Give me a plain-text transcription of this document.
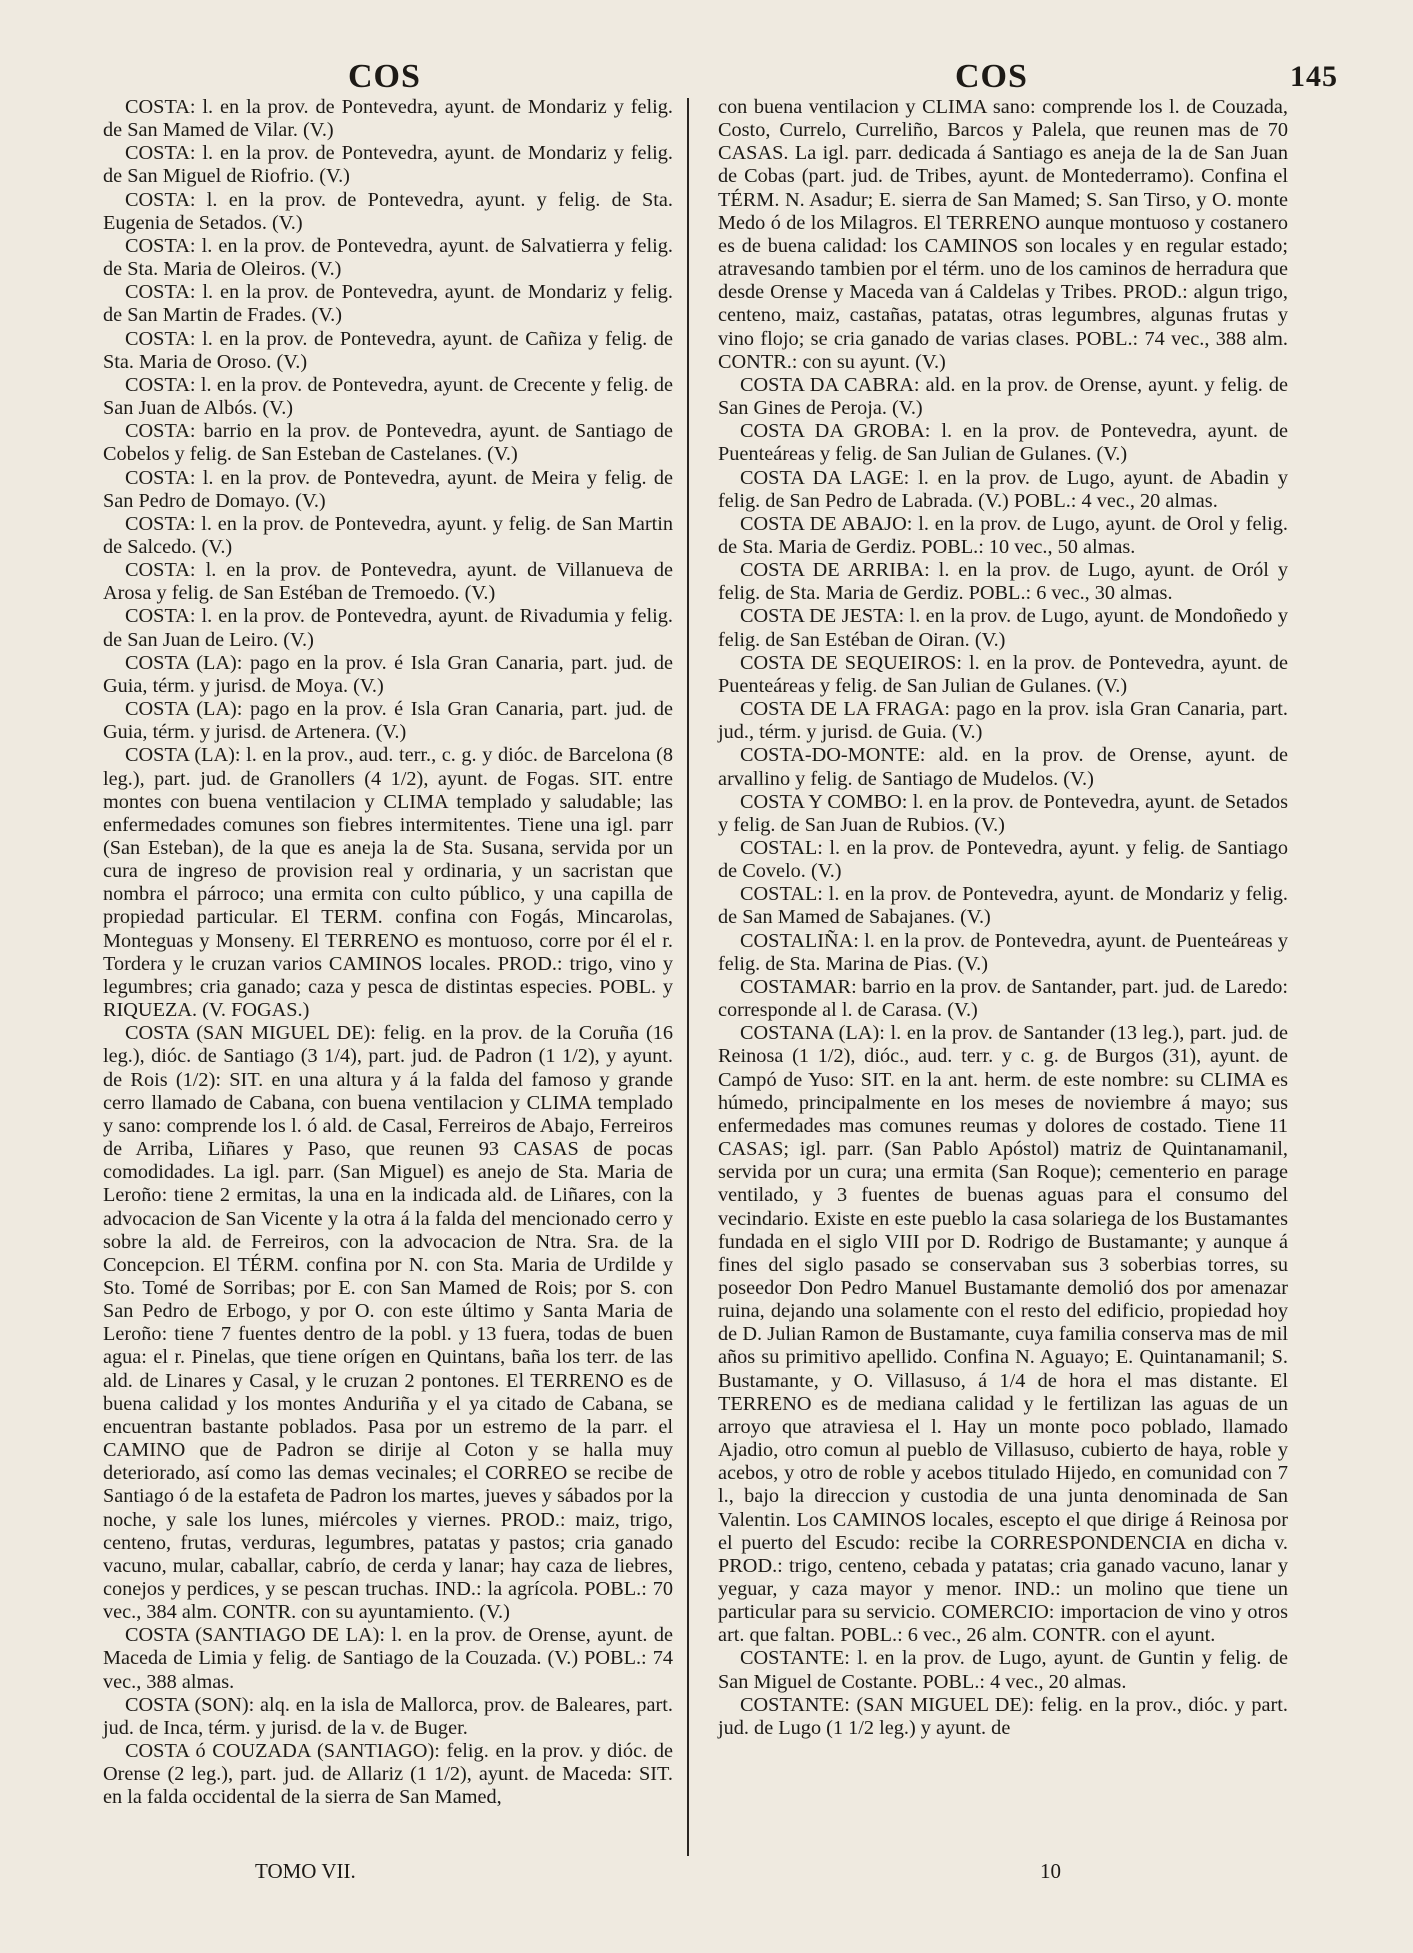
COS	COS	145

COSTA: l. en la prov. de Pontevedra, ayunt. de Mondariz y felig. de San Mamed de Vilar. (V.)

COSTA: l. en la prov. de Pontevedra, ayunt. de Mondariz y felig. de San Miguel de Riofrio. (V.)

COSTA: l. en la prov. de Pontevedra, ayunt. y felig. de Sta. Eugenia de Setados. (V.)

COSTA: l. en la prov. de Pontevedra, ayunt. de Salvatierra y felig. de Sta. Maria de Oleiros. (V.)

COSTA: l. en la prov. de Pontevedra, ayunt. de Mondariz y felig. de San Martin de Frades. (V.)

COSTA: l. en la prov. de Pontevedra, ayunt. de Cañiza y felig. de Sta. Maria de Oroso. (V.)

COSTA: l. en la prov. de Pontevedra, ayunt. de Crecente y felig. de San Juan de Albós. (V.)

COSTA: barrio en la prov. de Pontevedra, ayunt. de Santiago de Cobelos y felig. de San Esteban de Castelanes. (V.)

COSTA: l. en la prov. de Pontevedra, ayunt. de Meira y felig. de San Pedro de Domayo. (V.)

COSTA: l. en la prov. de Pontevedra, ayunt. y felig. de San Martin de Salcedo. (V.)

COSTA: l. en la prov. de Pontevedra, ayunt. de Villanueva de Arosa y felig. de San Estéban de Tremoedo. (V.)

COSTA: l. en la prov. de Pontevedra, ayunt. de Rivadumia y felig. de San Juan de Leiro. (V.)

COSTA (LA): pago en la prov. é Isla Gran Canaria, part. jud. de Guia, térm. y jurisd. de Moya. (V.)

COSTA (LA): pago en la prov. é Isla Gran Canaria, part. jud. de Guia, térm. y jurisd. de Artenera. (V.)

COSTA (LA): l. en la prov., aud. terr., c. g. y dióc. de Barcelona (8 leg.), part. jud. de Granollers (4 1/2), ayunt. de Fogas. SIT. entre montes con buena ventilacion y CLIMA templado y saludable; las enfermedades comunes son fiebres intermitentes. Tiene una igl. parr (San Esteban), de la que es aneja la de Sta. Susana, servida por un cura de ingreso de provision real y ordinaria, y un sacristan que nombra el párroco; una ermita con culto público, y una capilla de propiedad particular. El TERM. confina con Fogás, Mincarolas, Monteguas y Monseny. El TERRENO es montuoso, corre por él el r. Tordera y le cruzan varios CAMINOS locales. PROD.: trigo, vino y legumbres; cria ganado; caza y pesca de distintas especies. POBL. y RIQUEZA. (V. FOGAS.)

COSTA (SAN MIGUEL DE): felig. en la prov. de la Coruña (16 leg.), dióc. de Santiago (3 1/4), part. jud. de Padron (1 1/2), y ayunt. de Rois (1/2): SIT. en una altura y á la falda del famoso y grande cerro llamado de Cabana, con buena ventilacion y CLIMA templado y sano: comprende los l. ó ald. de Casal, Ferreiros de Abajo, Ferreiros de Arriba, Liñares y Paso, que reunen 93 CASAS de pocas comodidades. La igl. parr. (San Miguel) es anejo de Sta. Maria de Leroño: tiene 2 ermitas, la una en la indicada ald. de Liñares, con la advocacion de San Vicente y la otra á la falda del mencionado cerro y sobre la ald. de Ferreiros, con la advocacion de Ntra. Sra. de la Concepcion. El TÉRM. confina por N. con Sta. Maria de Urdilde y Sto. Tomé de Sorribas; por E. con San Mamed de Rois; por S. con San Pedro de Erbogo, y por O. con este último y Santa Maria de Leroño: tiene 7 fuentes dentro de la pobl. y 13 fuera, todas de buen agua: el r. Pinelas, que tiene orígen en Quintans, baña los terr. de las ald. de Linares y Casal, y le cruzan 2 pontones. El TERRENO es de buena calidad y los montes Anduriña y el ya citado de Cabana, se encuentran bastante poblados. Pasa por un estremo de la parr. el CAMINO que de Padron se dirije al Coton y se halla muy deteriorado, así como las demas vecinales; el CORREO se recibe de Santiago ó de la estafeta de Padron los martes, jueves y sábados por la noche, y sale los lunes, miércoles y viernes. PROD.: maiz, trigo, centeno, frutas, verduras, legumbres, patatas y pastos; cria ganado vacuno, mular, caballar, cabrío, de cerda y lanar; hay caza de liebres, conejos y perdices, y se pescan truchas. IND.: la agrícola. POBL.: 70 vec., 384 alm. CONTR. con su ayuntamiento. (V.)

COSTA (SANTIAGO DE LA): l. en la prov. de Orense, ayunt. de Maceda de Limia y felig. de Santiago de la Couzada. (V.) POBL.: 74 vec., 388 almas.

COSTA (SON): alq. en la isla de Mallorca, prov. de Baleares, part. jud. de Inca, térm. y jurisd. de la v. de Buger.

COSTA ó COUZADA (SANTIAGO): felig. en la prov. y dióc. de Orense (2 leg.), part. jud. de Allariz (1 1/2), ayunt. de Maceda: SIT. en la falda occidental de la sierra de San Mamed,

con buena ventilacion y CLIMA sano: comprende los l. de Couzada, Costo, Currelo, Curreliño, Barcos y Palela, que reunen mas de 70 CASAS. La igl. parr. dedicada á Santiago es aneja de la de San Juan de Cobas (part. jud. de Tribes, ayunt. de Montederramo). Confina el TÉRM. N. Asadur; E. sierra de San Mamed; S. San Tirso, y O. monte Medo ó de los Milagros. El TERRENO aunque montuoso y costanero es de buena calidad: los CAMINOS son locales y en regular estado; atravesando tambien por el térm. uno de los caminos de herradura que desde Orense y Maceda van á Caldelas y Tribes. PROD.: algun trigo, centeno, maiz, castañas, patatas, otras legumbres, algunas frutas y vino flojo; se cria ganado de varias clases. POBL.: 74 vec., 388 alm. CONTR.: con su ayunt. (V.)

COSTA DA CABRA: ald. en la prov. de Orense, ayunt. y felig. de San Gines de Peroja. (V.)

COSTA DA GROBA: l. en la prov. de Pontevedra, ayunt. de Puenteáreas y felig. de San Julian de Gulanes. (V.)

COSTA DA LAGE: l. en la prov. de Lugo, ayunt. de Abadin y felig. de San Pedro de Labrada. (V.) POBL.: 4 vec., 20 almas.

COSTA DE ABAJO: l. en la prov. de Lugo, ayunt. de Orol y felig. de Sta. Maria de Gerdiz. POBL.: 10 vec., 50 almas.

COSTA DE ARRIBA: l. en la prov. de Lugo, ayunt. de Oról y felig. de Sta. Maria de Gerdiz. POBL.: 6 vec., 30 almas.

COSTA DE JESTA: l. en la prov. de Lugo, ayunt. de Mondoñedo y felig. de San Estéban de Oiran. (V.)

COSTA DE SEQUEIROS: l. en la prov. de Pontevedra, ayunt. de Puenteáreas y felig. de San Julian de Gulanes. (V.)

COSTA DE LA FRAGA: pago en la prov. isla Gran Canaria, part. jud., térm. y jurisd. de Guia. (V.)

COSTA-DO-MONTE: ald. en la prov. de Orense, ayunt. de arvallino y felig. de Santiago de Mudelos. (V.)

COSTA Y COMBO: l. en la prov. de Pontevedra, ayunt. de Setados y felig. de San Juan de Rubios. (V.)

COSTAL: l. en la prov. de Pontevedra, ayunt. y felig. de Santiago de Covelo. (V.)

COSTAL: l. en la prov. de Pontevedra, ayunt. de Mondariz y felig. de San Mamed de Sabajanes. (V.)

COSTALIÑA: l. en la prov. de Pontevedra, ayunt. de Puenteáreas y felig. de Sta. Marina de Pias. (V.)

COSTAMAR: barrio en la prov. de Santander, part. jud. de Laredo: corresponde al l. de Carasa. (V.)

COSTANA (LA): l. en la prov. de Santander (13 leg.), part. jud. de Reinosa (1 1/2), dióc., aud. terr. y c. g. de Burgos (31), ayunt. de Campó de Yuso: SIT. en la ant. herm. de este nombre: su CLIMA es húmedo, principalmente en los meses de noviembre á mayo; sus enfermedades mas comunes reumas y dolores de costado. Tiene 11 CASAS; igl. parr. (San Pablo Apóstol) matriz de Quintanamanil, servida por un cura; una ermita (San Roque); cementerio en parage ventilado, y 3 fuentes de buenas aguas para el consumo del vecindario. Existe en este pueblo la casa solariega de los Bustamantes fundada en el siglo VIII por D. Rodrigo de Bustamante; y aunque á fines del siglo pasado se conservaban sus 3 soberbias torres, su poseedor Don Pedro Manuel Bustamante demolió dos por amenazar ruina, dejando una solamente con el resto del edificio, propiedad hoy de D. Julian Ramon de Bustamante, cuya familia conserva mas de mil años su primitivo apellido. Confina N. Aguayo; E. Quintanamanil; S. Bustamante, y O. Villasuso, á 1/4 de hora el mas distante. El TERRENO es de mediana calidad y le fertilizan las aguas de un arroyo que atraviesa el l. Hay un monte poco poblado, llamado Ajadio, otro comun al pueblo de Villasuso, cubierto de haya, roble y acebos, y otro de roble y acebos titulado Hijedo, en comunidad con 7 l., bajo la direccion y custodia de una junta denominada de San Valentin. Los CAMINOS locales, escepto el que dirige á Reinosa por el puerto del Escudo: recibe la CORRESPONDENCIA en dicha v. PROD.: trigo, centeno, cebada y patatas; cria ganado vacuno, lanar y yeguar, y caza mayor y menor. IND.: un molino que tiene un particular para su servicio. COMERCIO: importacion de vino y otros art. que faltan. POBL.: 6 vec., 26 alm. CONTR. con el ayunt.

COSTANTE: l. en la prov. de Lugo, ayunt. de Guntin y felig. de San Miguel de Costante. POBL.: 4 vec., 20 almas.

COSTANTE: (SAN MIGUEL DE): felig. en la prov., dióc. y part. jud. de Lugo (1 1/2 leg.) y ayunt. de

TOMO VII.	10
